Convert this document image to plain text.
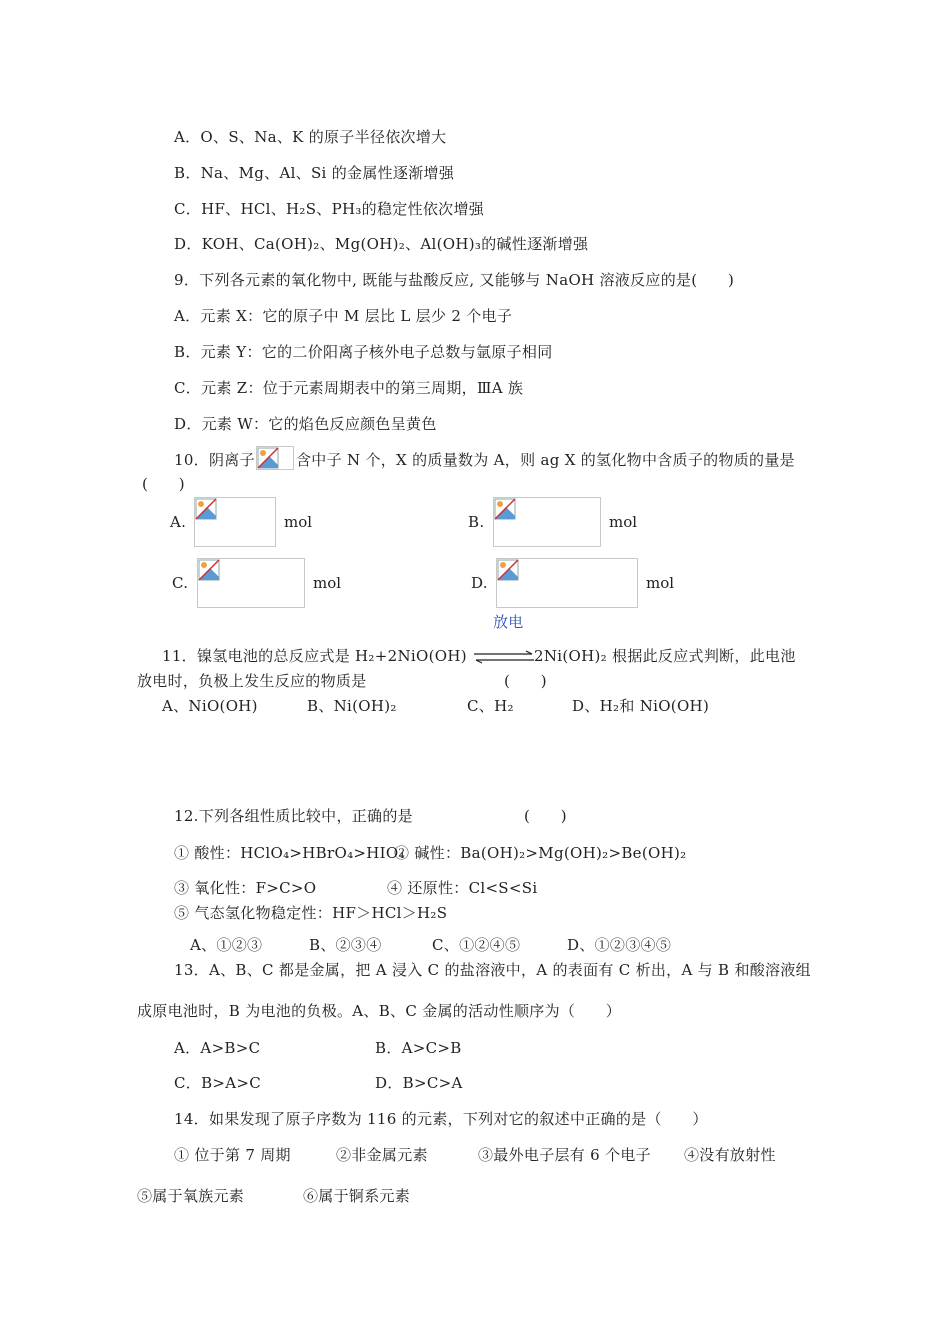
A．O、S、Na、K 的原子半径依次增大
B．Na、Mg、Al、Si 的金属性逐渐增强
C．HF、HCl、H₂S、PH₃的稳定性依次增强
D．KOH、Ca(OH)₂、Mg(OH)₂、Al(OH)₃的碱性逐渐增强
9．下列各元素的氧化物中, 既能与盐酸反应, 又能够与 NaOH 溶液反应的是(　　)
A．元素 X：它的原子中 M 层比 L 层少 2 个电子
B．元素 Y：它的二价阳离子核外电子总数与氩原子相同
C．元素 Z：位于元素周期表中的第三周期，ⅢA 族
D．元素 W：它的焰色反应颜色呈黄色
10．阴离子	含中子 N 个，X 的质量数为 A，则 ag X 的氢化物中含质子的物质的量是
(　　)
A.	mol	B.	mol
C.	mol	D.	mol
放电
11．镍氢电池的总反应式是 H₂+2NiO(OH) ⇌
2Ni(OH)₂ 根据此反应式判断，此电池
放电时，负极上发生反应的物质是	(　　)
A、NiO(OH)	B、Ni(OH)₂	C、H₂	D、H₂和 NiO(OH)
12.下列各组性质比较中，正确的是	(　　)
① 酸性：HClO₄>HBrO₄>HIO₄
② 碱性：Ba(OH)₂>Mg(OH)₂>Be(OH)₂
③ 氧化性：F>C>O	④ 还原性：Cl<S<Si
⑤ 气态氢化物稳定性：HF＞HCl＞H₂S
A、①②③	B、②③④	C、①②④⑤	D、①②③④⑤
13．A、B、C 都是金属，把 A 浸入 C 的盐溶液中，A 的表面有 C 析出，A 与 B 和酸溶液组
成原电池时，B 为电池的负极。A、B、C 金属的活动性顺序为（　　）
A．A>B>C	B．A>C>B
C．B>A>C	D．B>C>A
14．如果发现了原子序数为 116 的元素，下列对它的叙述中正确的是（　　）
① 位于第 7 周期	②非金属元素	③最外电子层有 6 个电子 ④没有放射性
⑤属于氧族元素	⑥属于锕系元素
